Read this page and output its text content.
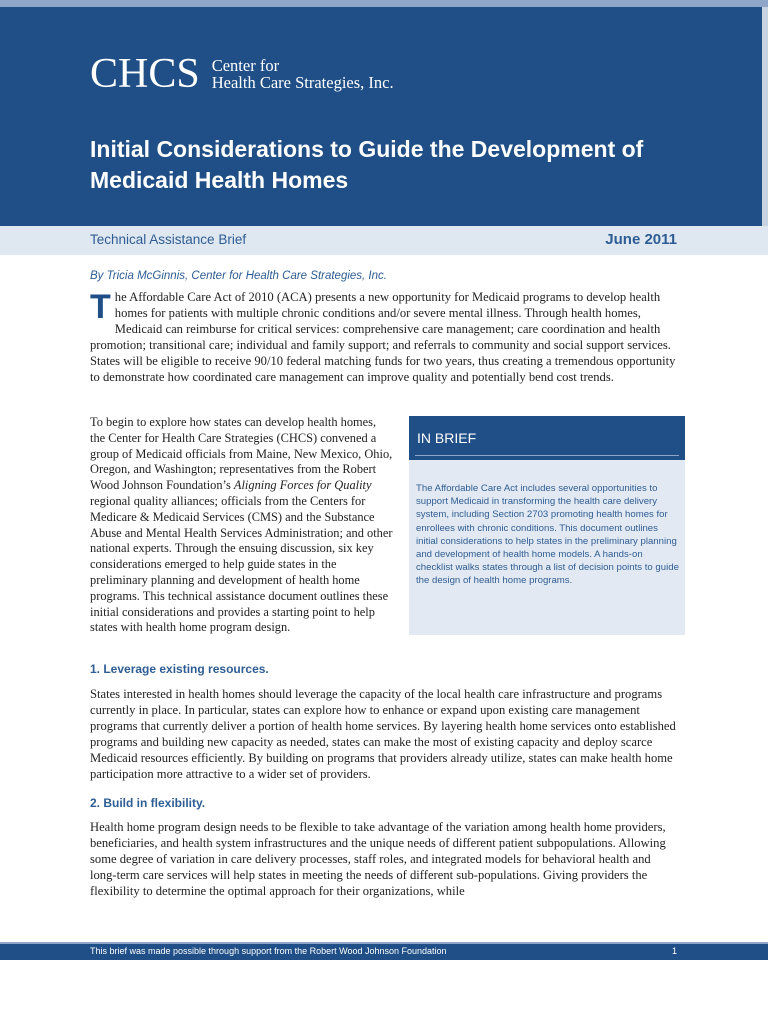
CHCS Center for
Health Care Strategies, Inc.
Initial Considerations to Guide the Development of Medicaid Health Homes
Technical Assistance Brief	June 2011
By Tricia McGinnis, Center for Health Care Strategies, Inc.

The Affordable Care Act of 2010 (ACA) presents a new opportunity for Medicaid programs to develop health homes for patients with multiple chronic conditions and/or severe mental illness. Through health homes, Medicaid can reimburse for critical services: comprehensive care management; care coordination and health promotion; transitional care; individual and family support; and referrals to community and social support services. States will be eligible to receive 90/10 federal matching funds for two years, thus creating a tremendous opportunity to demonstrate how coordinated care management can improve quality and potentially bend cost trends.

To begin to explore how states can develop health homes, the Center for Health Care Strategies (CHCS) convened a group of Medicaid officials from Maine, New Mexico, Ohio, Oregon, and Washington; representatives from the Robert Wood Johnson Foundation’s Aligning Forces for Quality regional quality alliances; officials from the Centers for Medicare & Medicaid Services (CMS) and the Substance Abuse and Mental Health Services Administration; and other national experts. Through the ensuing discussion, six key considerations emerged to help guide states in the preliminary planning and development of health home programs. This technical assistance document outlines these initial considerations and provides a starting point to help states with health home program design.

IN BRIEF

The Affordable Care Act includes several opportunities to support Medicaid in transforming the health care delivery system, including Section 2703 promoting health homes for enrollees with chronic conditions. This document outlines initial considerations to help states in the preliminary planning and development of health home models. A hands-on checklist walks states through a list of decision points to guide the design of health home programs.

1. Leverage existing resources.

States interested in health homes should leverage the capacity of the local health care infrastructure and programs currently in place. In particular, states can explore how to enhance or expand upon existing care management programs that currently deliver a portion of health home services. By layering health home services onto established programs and building new capacity as needed, states can make the most of existing capacity and deploy scarce Medicaid resources efficiently. By building on programs that providers already utilize, states can make health home participation more attractive to a wider set of providers.

2. Build in flexibility.

Health home program design needs to be flexible to take advantage of the variation among health home providers, beneficiaries, and health system infrastructures and the unique needs of different patient subpopulations. Allowing some degree of variation in care delivery processes, staff roles, and integrated models for behavioral health and long-term care services will help states in meeting the needs of different sub-populations. Giving providers the flexibility to determine the optimal approach for their organizations, while

This brief was made possible through support from the Robert Wood Johnson Foundation	1
